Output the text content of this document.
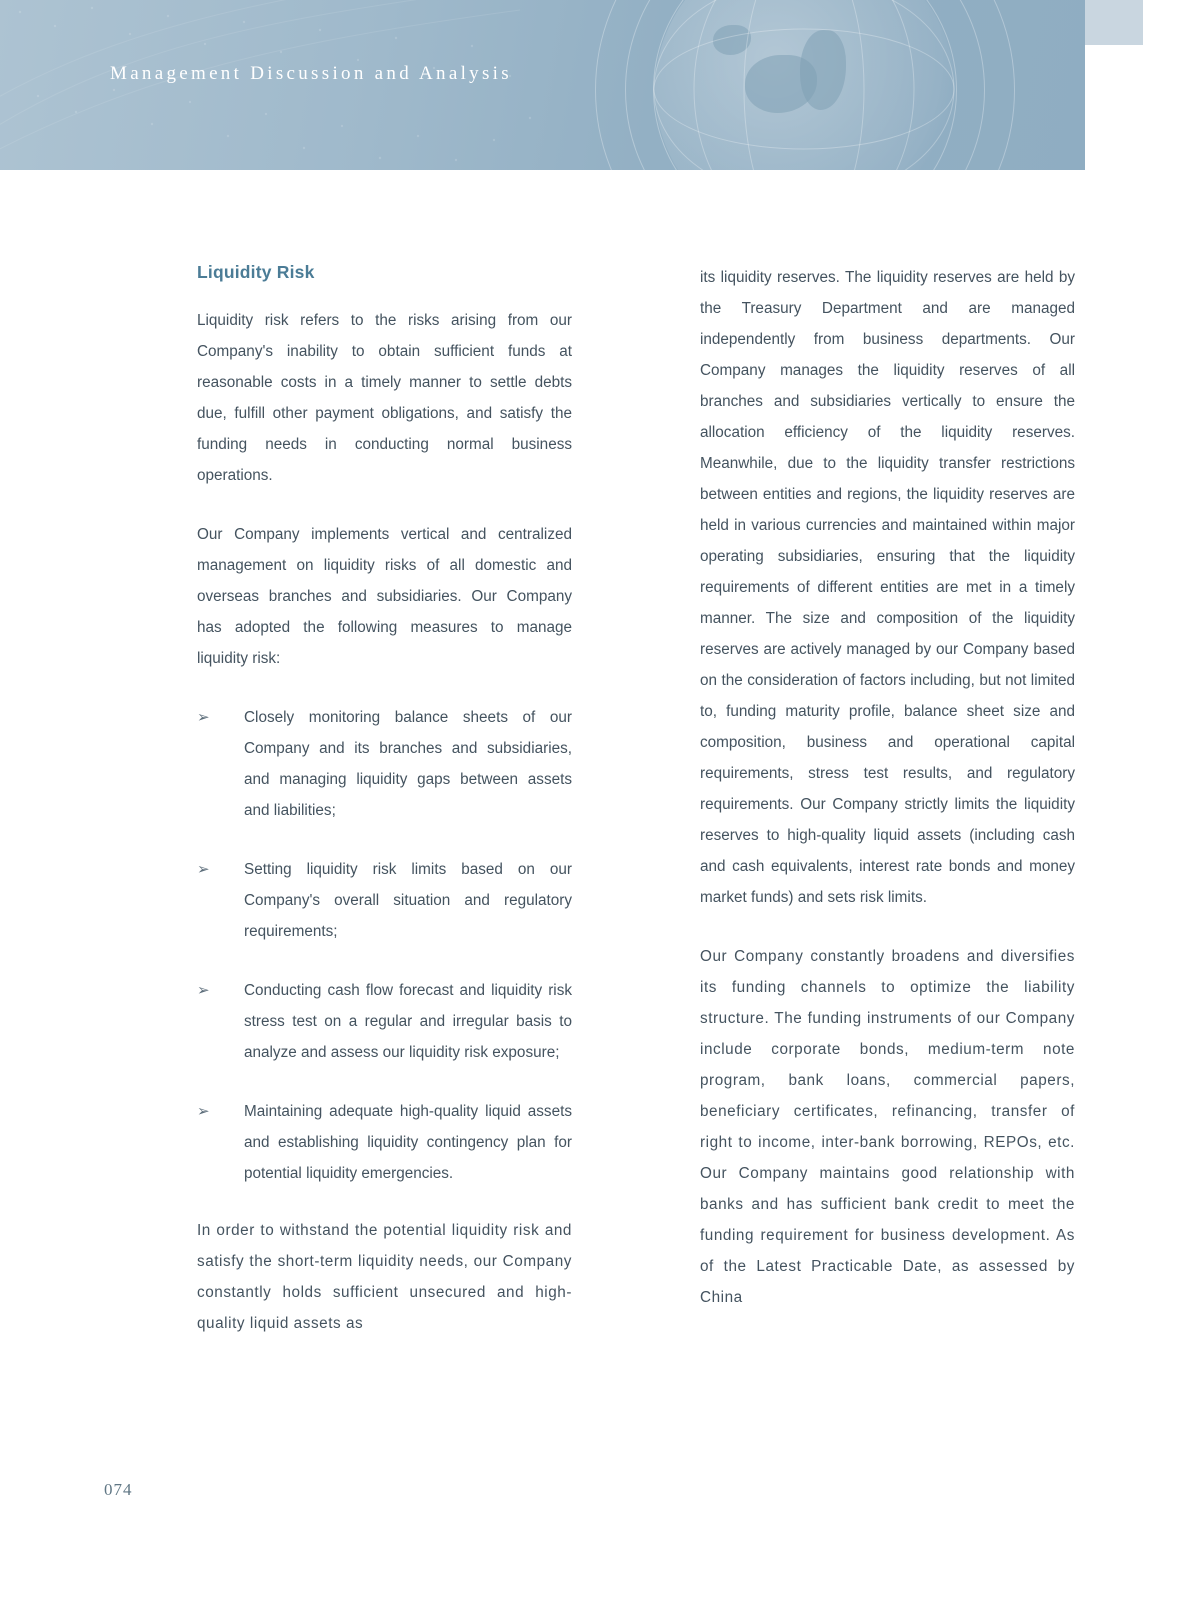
Management Discussion and Analysis
Liquidity Risk

Liquidity risk refers to the risks arising from our Company's inability to obtain sufficient funds at reasonable costs in a timely manner to settle debts due, fulfill other payment obligations, and satisfy the funding needs in conducting normal business operations.

Our Company implements vertical and centralized management on liquidity risks of all domestic and overseas branches and subsidiaries. Our Company has adopted the following measures to manage liquidity risk:

➢ Closely monitoring balance sheets of our Company and its branches and subsidiaries, and managing liquidity gaps between assets and liabilities;
➢ Setting liquidity risk limits based on our Company's overall situation and regulatory requirements;
➢ Conducting cash flow forecast and liquidity risk stress test on a regular and irregular basis to analyze and assess our liquidity risk exposure;
➢ Maintaining adequate high-quality liquid assets and establishing liquidity contingency plan for potential liquidity emergencies.

In order to withstand the potential liquidity risk and satisfy the short-term liquidity needs, our Company constantly holds sufficient unsecured and high-quality liquid assets as

its liquidity reserves. The liquidity reserves are held by the Treasury Department and are managed independently from business departments. Our Company manages the liquidity reserves of all branches and subsidiaries vertically to ensure the allocation efficiency of the liquidity reserves. Meanwhile, due to the liquidity transfer restrictions between entities and regions, the liquidity reserves are held in various currencies and maintained within major operating subsidiaries, ensuring that the liquidity requirements of different entities are met in a timely manner. The size and composition of the liquidity reserves are actively managed by our Company based on the consideration of factors including, but not limited to, funding maturity profile, balance sheet size and composition, business and operational capital requirements, stress test results, and regulatory requirements. Our Company strictly limits the liquidity reserves to high-quality liquid assets (including cash and cash equivalents, interest rate bonds and money market funds) and sets risk limits.

Our Company constantly broadens and diversifies its funding channels to optimize the liability structure. The funding instruments of our Company include corporate bonds, medium-term note program, bank loans, commercial papers, beneficiary certificates, refinancing, transfer of right to income, inter-bank borrowing, REPOs, etc. Our Company maintains good relationship with banks and has sufficient bank credit to meet the funding requirement for business development. As of the Latest Practicable Date, as assessed by China

074
